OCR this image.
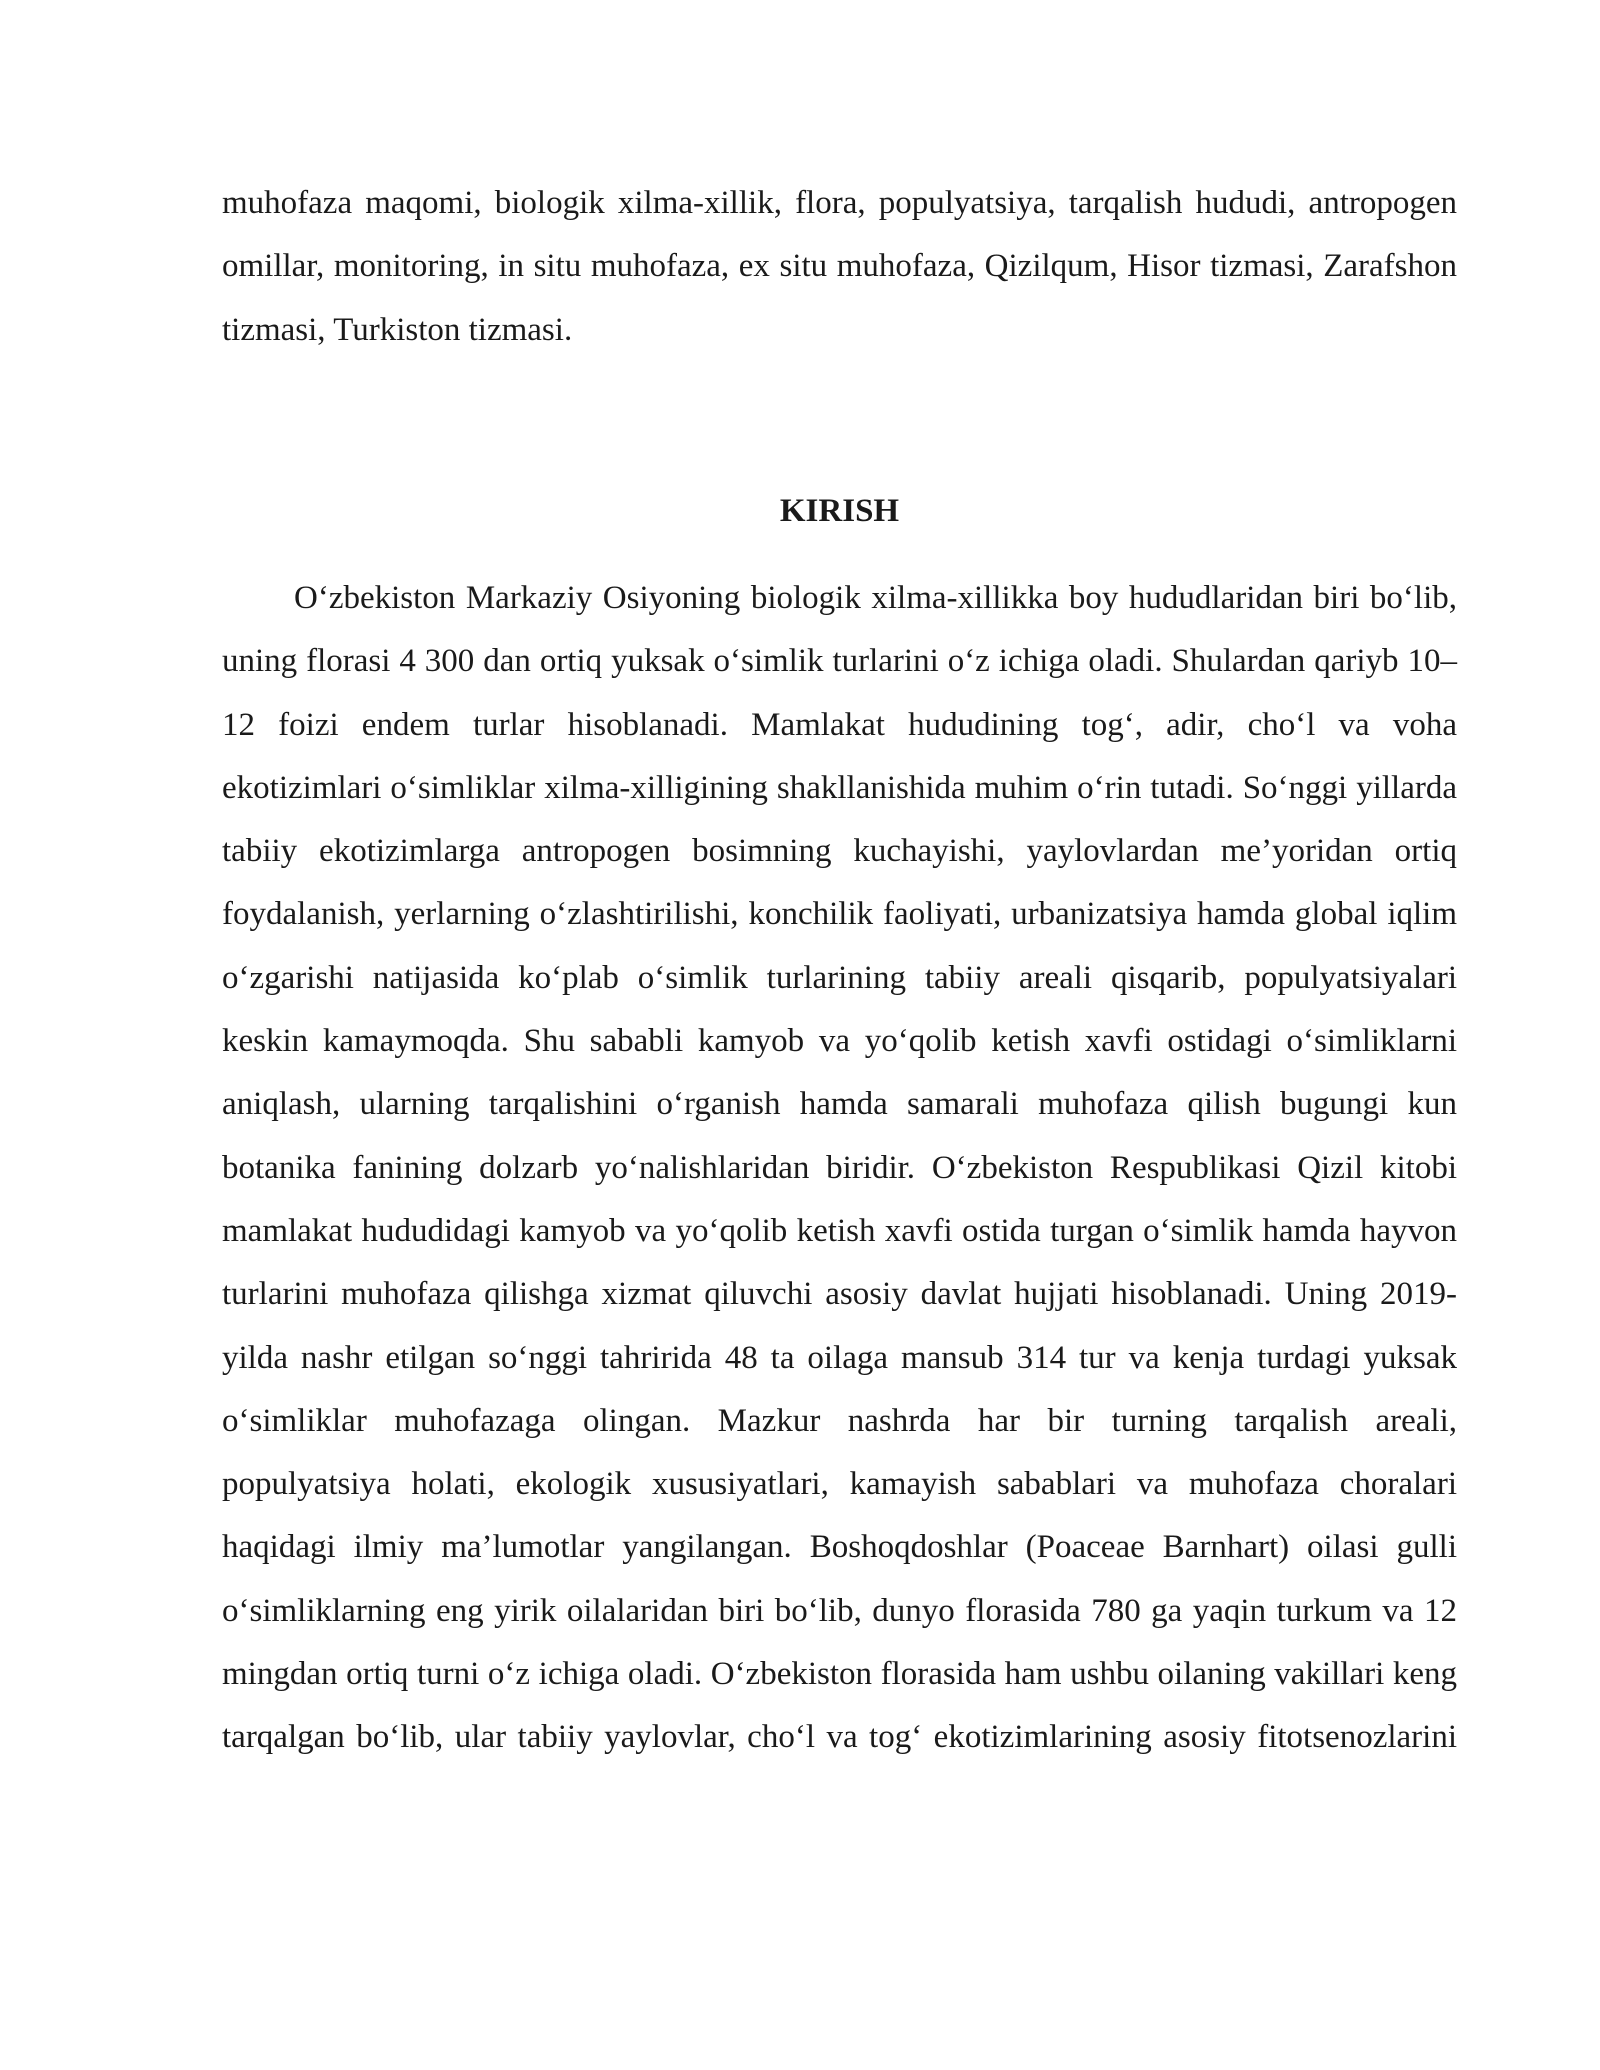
muhofaza maqomi, biologik xilma-xillik, flora, populyatsiya, tarqalish hududi, antropogen omillar, monitoring, in situ muhofaza, ex situ muhofaza, Qizilqum, Hisor tizmasi, Zarafshon tizmasi, Turkiston tizmasi.

KIRISH

O‘zbekiston Markaziy Osiyoning biologik xilma-xillikka boy hududlaridan biri bo‘lib, uning florasi 4 300 dan ortiq yuksak o‘simlik turlarini o‘z ichiga oladi. Shulardan qariyb 10–12 foizi endem turlar hisoblanadi. Mamlakat hududining tog‘, adir, cho‘l va voha ekotizimlari o‘simliklar xilma-xilligining shakllanishida muhim o‘rin tutadi. So‘nggi yillarda tabiiy ekotizimlarga antropogen bosimning kuchayishi, yaylovlardan me’yoridan ortiq foydalanish, yerlarning o‘zlashtirilishi, konchilik faoliyati, urbanizatsiya hamda global iqlim o‘zgarishi natijasida ko‘plab o‘simlik turlarining tabiiy areali qisqarib, populyatsiyalari keskin kamaymoqda. Shu sababli kamyob va yo‘qolib ketish xavfi ostidagi o‘simliklarni aniqlash, ularning tarqalishini o‘rganish hamda samarali muhofaza qilish bugungi kun botanika fanining dolzarb yo‘nalishlaridan biridir. O‘zbekiston Respublikasi Qizil kitobi mamlakat hududidagi kamyob va yo‘qolib ketish xavfi ostida turgan o‘simlik hamda hayvon turlarini muhofaza qilishga xizmat qiluvchi asosiy davlat hujjati hisoblanadi. Uning 2019-yilda nashr etilgan so‘nggi tahririda 48 ta oilaga mansub 314 tur va kenja turdagi yuksak o‘simliklar muhofazaga olingan. Mazkur nashrda har bir turning tarqalish areali, populyatsiya holati, ekologik xususiyatlari, kamayish sabablari va muhofaza choralari haqidagi ilmiy ma’lumotlar yangilangan. Boshoqdoshlar (Poaceae Barnhart) oilasi gulli o‘simliklarning eng yirik oilalaridan biri bo‘lib, dunyo florasida 780 ga yaqin turkum va 12 mingdan ortiq turni o‘z ichiga oladi. O‘zbekiston florasida ham ushbu oilaning vakillari keng tarqalgan bo‘lib, ular tabiiy yaylovlar, cho‘l va tog‘ ekotizimlarining asosiy fitotsenozlarini
